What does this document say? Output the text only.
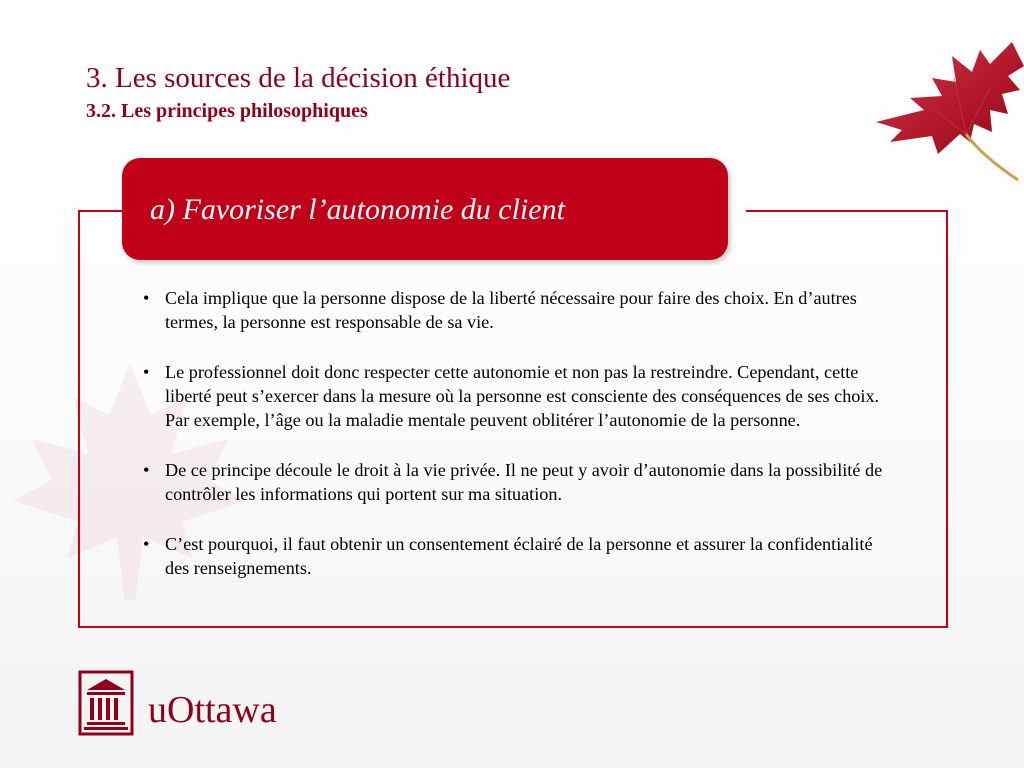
3. Les sources de la décision éthique
3.2. Les principes philosophiques
a) Favoriser l’autonomie du client
• Cela implique que la personne dispose de la liberté nécessaire pour faire des choix. En d’autres termes, la personne est responsable de sa vie.
• Le professionnel doit donc respecter cette autonomie et non pas la restreindre. Cependant, cette liberté peut s’exercer dans la mesure où la personne est consciente des conséquences de ses choix. Par exemple, l’âge ou la maladie mentale peuvent oblitérer l’autonomie de la personne.
• De ce principe découle le droit à la vie privée. Il ne peut y avoir d’autonomie dans la possibilité de contrôler les informations qui portent sur ma situation.
• C’est pourquoi, il faut obtenir un consentement éclairé de la personne et assurer la confidentialité des renseignements.
uOttawa
